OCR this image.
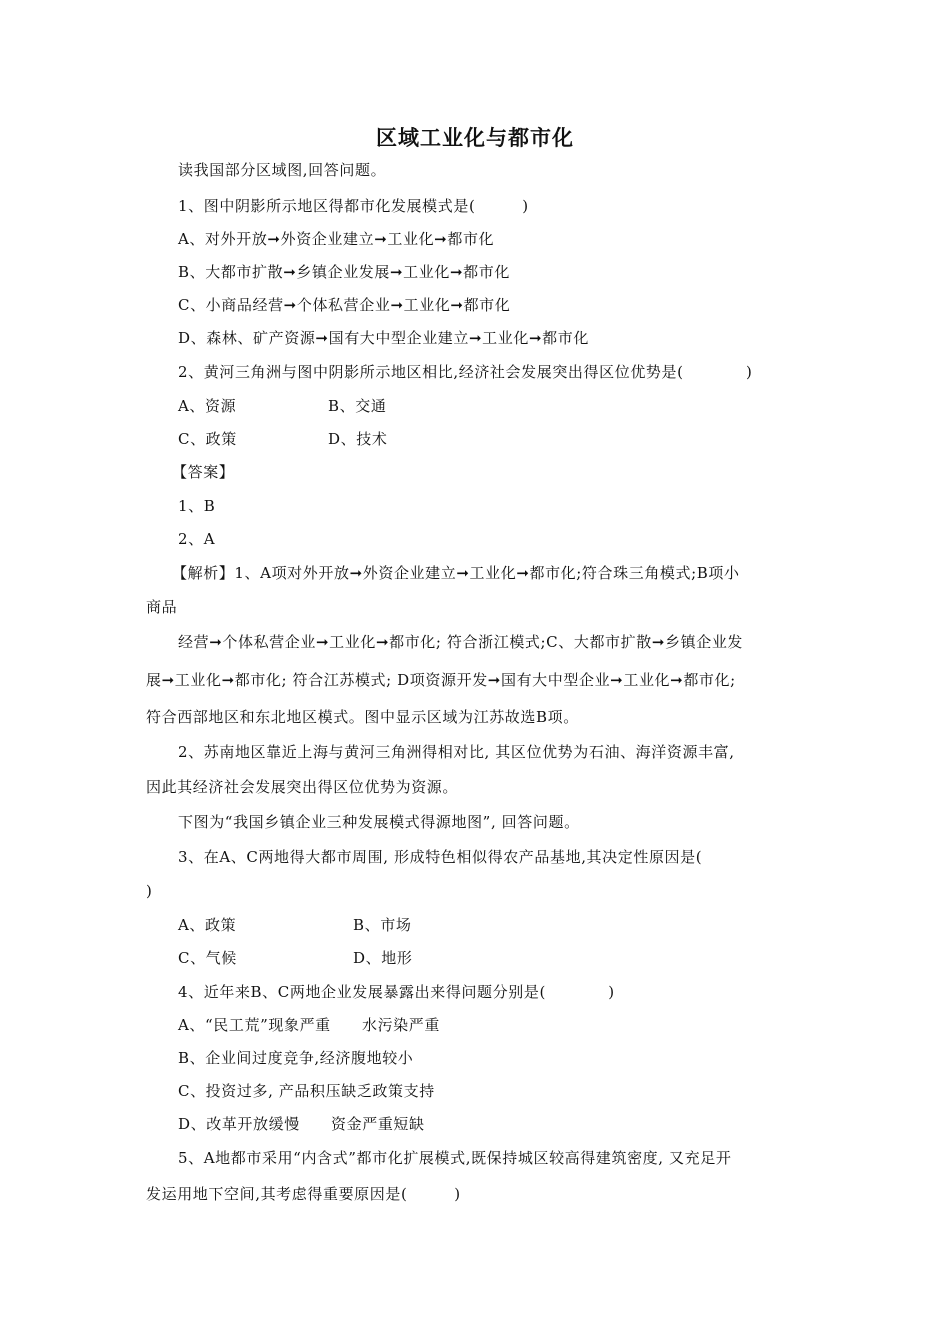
区域工业化与都市化
读我国部分区域图,回答问题。
1、图中阴影所示地区得都市化发展模式是(　　　)
A、对外开放➞外资企业建立➞工业化➞都市化
B、大都市扩散➞乡镇企业发展➞工业化➞都市化
C、小商品经营➞个体私营企业➞工业化➞都市化
D、森林、矿产资源➞国有大中型企业建立➞工业化➞都市化
2、黄河三角洲与图中阴影所示地区相比,经济社会发展突出得区位优势是(　　　　)
A、资源	B、交通
C、政策	D、技术
【答案】
1、B
2、A
【解析】1、A项对外开放➞外资企业建立➞工业化➞都市化;符合珠三角模式;B项小
商品
经营➞个体私营企业➞工业化➞都市化; 符合浙江模式;C、大都市扩散➞乡镇企业发
展➞工业化➞都市化; 符合江苏模式; D项资源开发➞国有大中型企业➞工业化➞都市化;
符合西部地区和东北地区模式。图中显示区域为江苏故选B项。
2、苏南地区靠近上海与黄河三角洲得相对比, 其区位优势为石油、海洋资源丰富,
因此其经济社会发展突出得区位优势为资源。
下图为“我国乡镇企业三种发展模式得源地图”, 回答问题。
3、在A、C两地得大都市周围, 形成特色相似得农产品基地,其决定性原因是(
)
A、政策	B、市场
C、气候	D、地形
4、近年来B、C两地企业发展暴露出来得问题分别是(　　　　)
A、“民工荒”现象严重　　水污染严重
B、企业间过度竞争,经济腹地较小
C、投资过多, 产品积压缺乏政策支持
D、改革开放缓慢　　资金严重短缺
5、A地都市采用“内含式”都市化扩展模式,既保持城区较高得建筑密度, 又充足开
发运用地下空间,其考虑得重要原因是(　　　)
